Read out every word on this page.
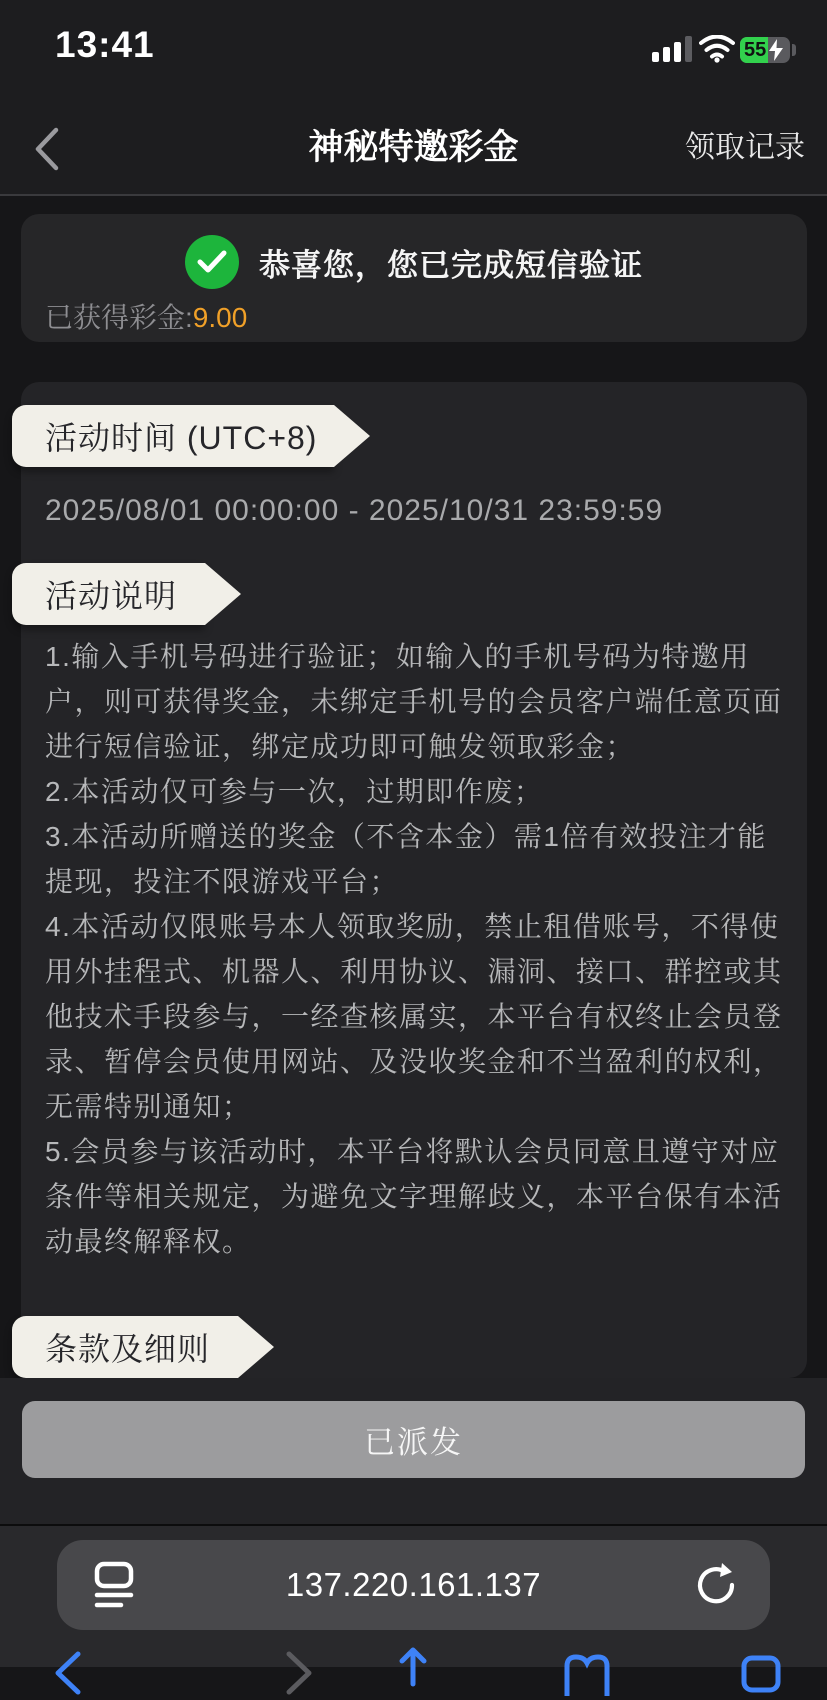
13:41	55
神秘特邀彩金	领取记录
恭喜您，您已完成短信验证
已获得彩金:9.00
活动时间 (UTC+8)
2025/08/01 00:00:00 - 2025/10/31 23:59:59
活动说明

1.输入手机号码进行验证；如输入的手机号码为特邀用户，则可获得奖金，未绑定手机号的会员客户端任意页面进行短信验证，绑定成功即可触发领取彩金；

2.本活动仅可参与一次，过期即作废；

3.本活动所赠送的奖金（不含本金）需1倍有效投注才能提现，投注不限游戏平台；

4.本活动仅限账号本人领取奖励，禁止租借账号，不得使用外挂程式、机器人、利用协议、漏洞、接口、群控或其他技术手段参与，一经查核属实，本平台有权终止会员登录、暂停会员使用网站、及没收奖金和不当盈利的权利，无需特别通知；

5.会员参与该活动时，本平台将默认会员同意且遵守对应条件等相关规定，为避免文字理解歧义，本平台保有本活动最终解释权。

条款及细则
已派发
137.220.161.137
